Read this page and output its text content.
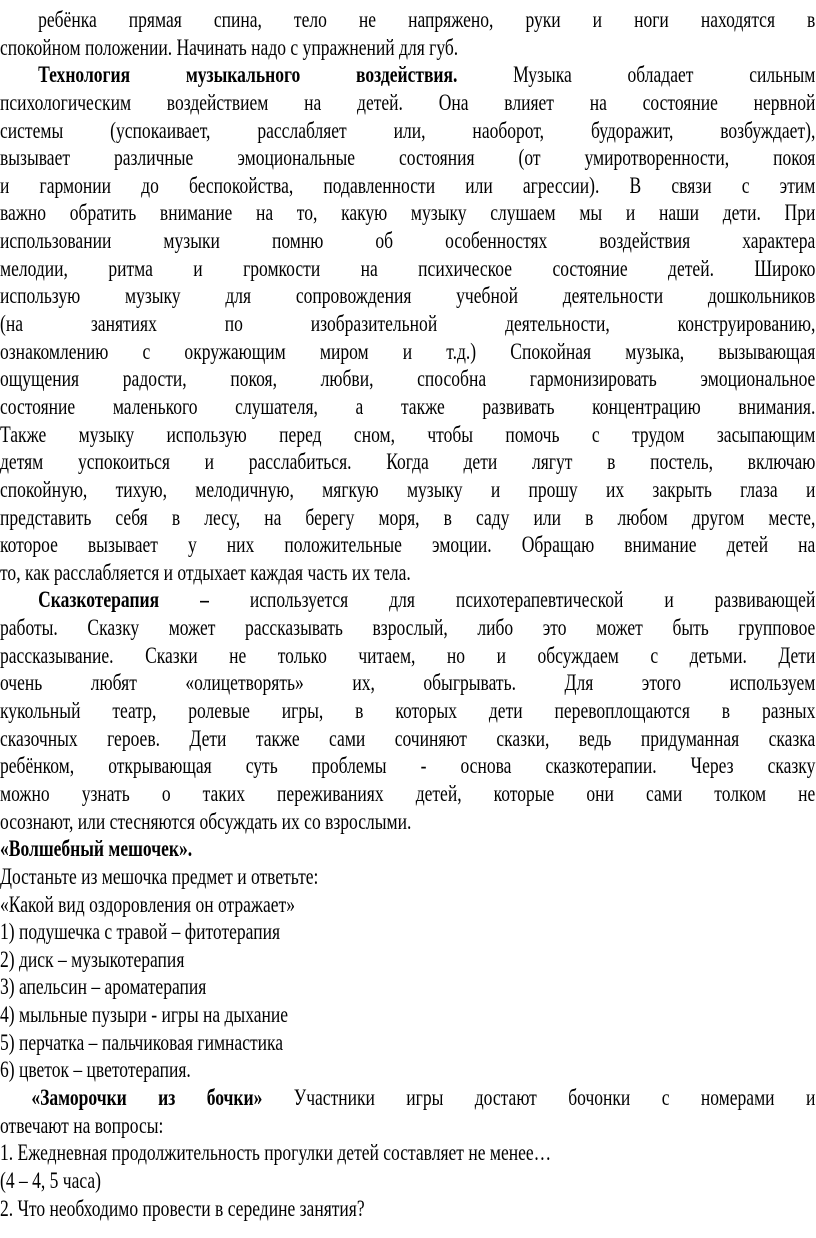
ребёнка прямая спина, тело не напряжено, руки и ноги находятся в
спокойном положении. Начинать надо с упражнений для губ.
Технология музыкального воздействия. Музыка обладает сильным
психологическим воздействием на детей. Она влияет на состояние нервной
системы (успокаивает, расслабляет или, наоборот, будоражит, возбуждает),
вызывает различные эмоциональные состояния (от умиротворенности, покоя
и гармонии до беспокойства, подавленности или агрессии). В связи с этим
важно обратить внимание на то, какую музыку слушаем мы и наши дети. При
использовании музыки помню об особенностях воздействия характера
мелодии, ритма и громкости на психическое состояние детей. Широко
использую музыку для сопровождения учебной деятельности дошкольников
(на занятиях по изобразительной деятельности, конструированию,
ознакомлению с окружающим миром и т.д.) Спокойная музыка, вызывающая
ощущения радости, покоя, любви, способна гармонизировать эмоциональное
состояние маленького слушателя, а также развивать концентрацию внимания.
Также музыку использую перед сном, чтобы помочь с трудом засыпающим
детям успокоиться и расслабиться. Когда дети лягут в постель, включаю
спокойную, тихую, мелодичную, мягкую музыку и прошу их закрыть глаза и
представить себя в лесу, на берегу моря, в саду или в любом другом месте,
которое вызывает у них положительные эмоции. Обращаю внимание детей на
то, как расслабляется и отдыхает каждая часть их тела.
Сказкотерапия – используется для психотерапевтической и развивающей
работы. Сказку может рассказывать взрослый, либо это может быть групповое
рассказывание. Сказки не только читаем, но и обсуждаем с детьми. Дети
очень любят «олицетворять» их, обыгрывать. Для этого используем
кукольный театр, ролевые игры, в которых дети перевоплощаются в разных
сказочных героев. Дети также сами сочиняют сказки, ведь придуманная сказка
ребёнком, открывающая суть проблемы - основа сказкотерапии. Через сказку
можно узнать о таких переживаниях детей, которые они сами толком не
осознают, или стесняются обсуждать их со взрослыми.
«Волшебный мешочек».
Достаньте из мешочка предмет и ответьте:
«Какой вид оздоровления он отражает»
1) подушечка с травой – фитотерапия
2) диск – музыкотерапия
3) апельсин – ароматерапия
4) мыльные пузыри - игры на дыхание
5) перчатка – пальчиковая гимнастика
6) цветок – цветотерапия.
«Заморочки из бочки» Участники игры достают бочонки с номерами и
отвечают на вопросы:
1. Ежедневная продолжительность прогулки детей составляет не менее…
(4 – 4, 5 часа)
2. Что необходимо провести в середине занятия?
